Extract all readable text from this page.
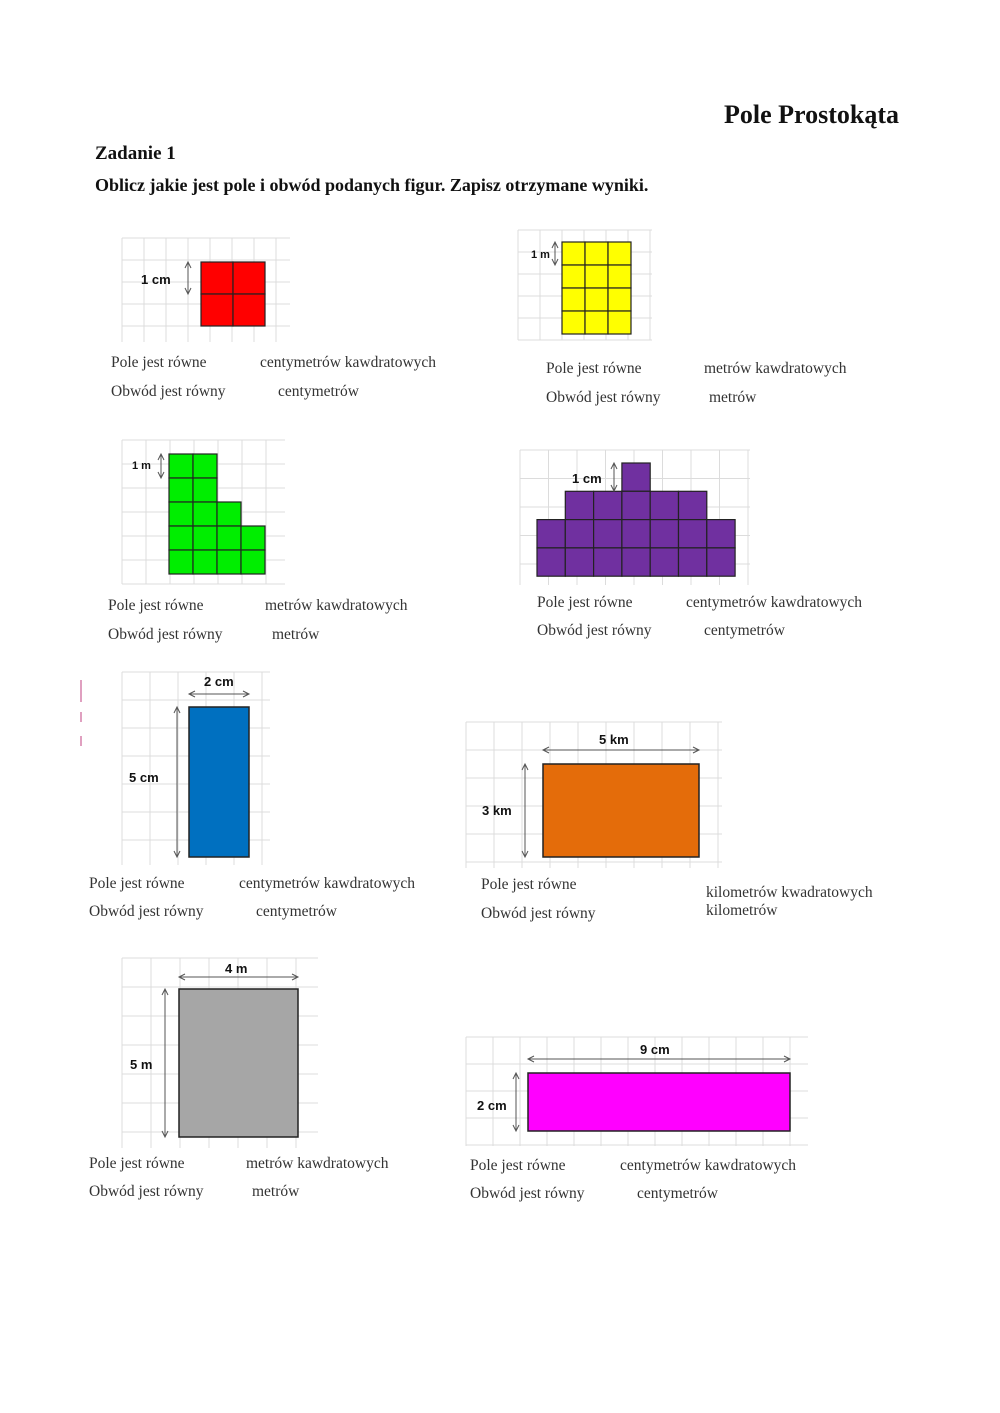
Pole Prostokąta
Zadanie 1
Oblicz jakie jest pole i obwód podanych figur. Zapisz otrzymane wyniki.
1 cm
Pole jest równe	centymetrów kawdratowych
Obwód jest równy	centymetrów
1 m
Pole jest równe	metrów kawdratowych
Obwód jest równy	metrów
1 m
Pole jest równe	metrów kawdratowych
Obwód jest równy	metrów
1 cm
Pole jest równe	centymetrów kawdratowych
Obwód jest równy	centymetrów
2 cm
5 cm
Pole jest równe	centymetrów kawdratowych
Obwód jest równy	centymetrów
5 km
3 km
Pole jest równe	kilometrów kwadratowych
Obwód jest równy	kilometrów
4 m
5 m
Pole jest równe	metrów kawdratowych
Obwód jest równy	metrów
9 cm
2 cm
Pole jest równe	centymetrów kawdratowych
Obwód jest równy	centymetrów
